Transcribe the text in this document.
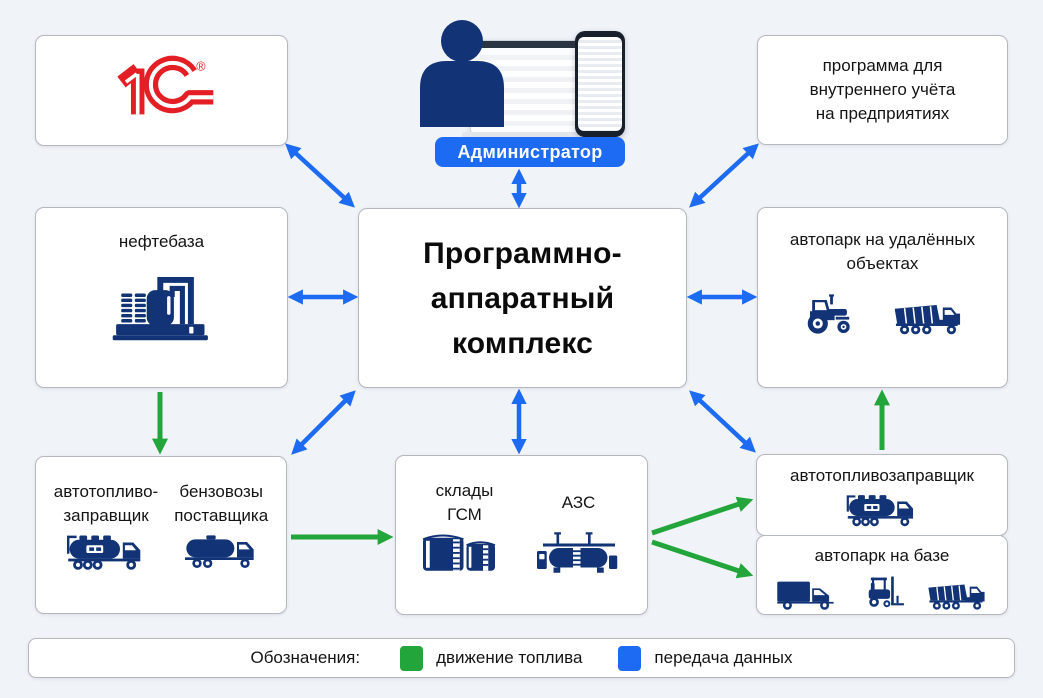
®
Администратор
программа для
внутреннего учёта
на предприятиях
нефтебаза	Программно-
аппаратный
комплекс
автопарк на удалённых
объектах
автотопливо-
заправщик
бензовозы
поставщика
склады
ГСМ
АЗС
автотопливозаправщик
автопарк на базе
Обозначения:	движение топлива	передача данных
